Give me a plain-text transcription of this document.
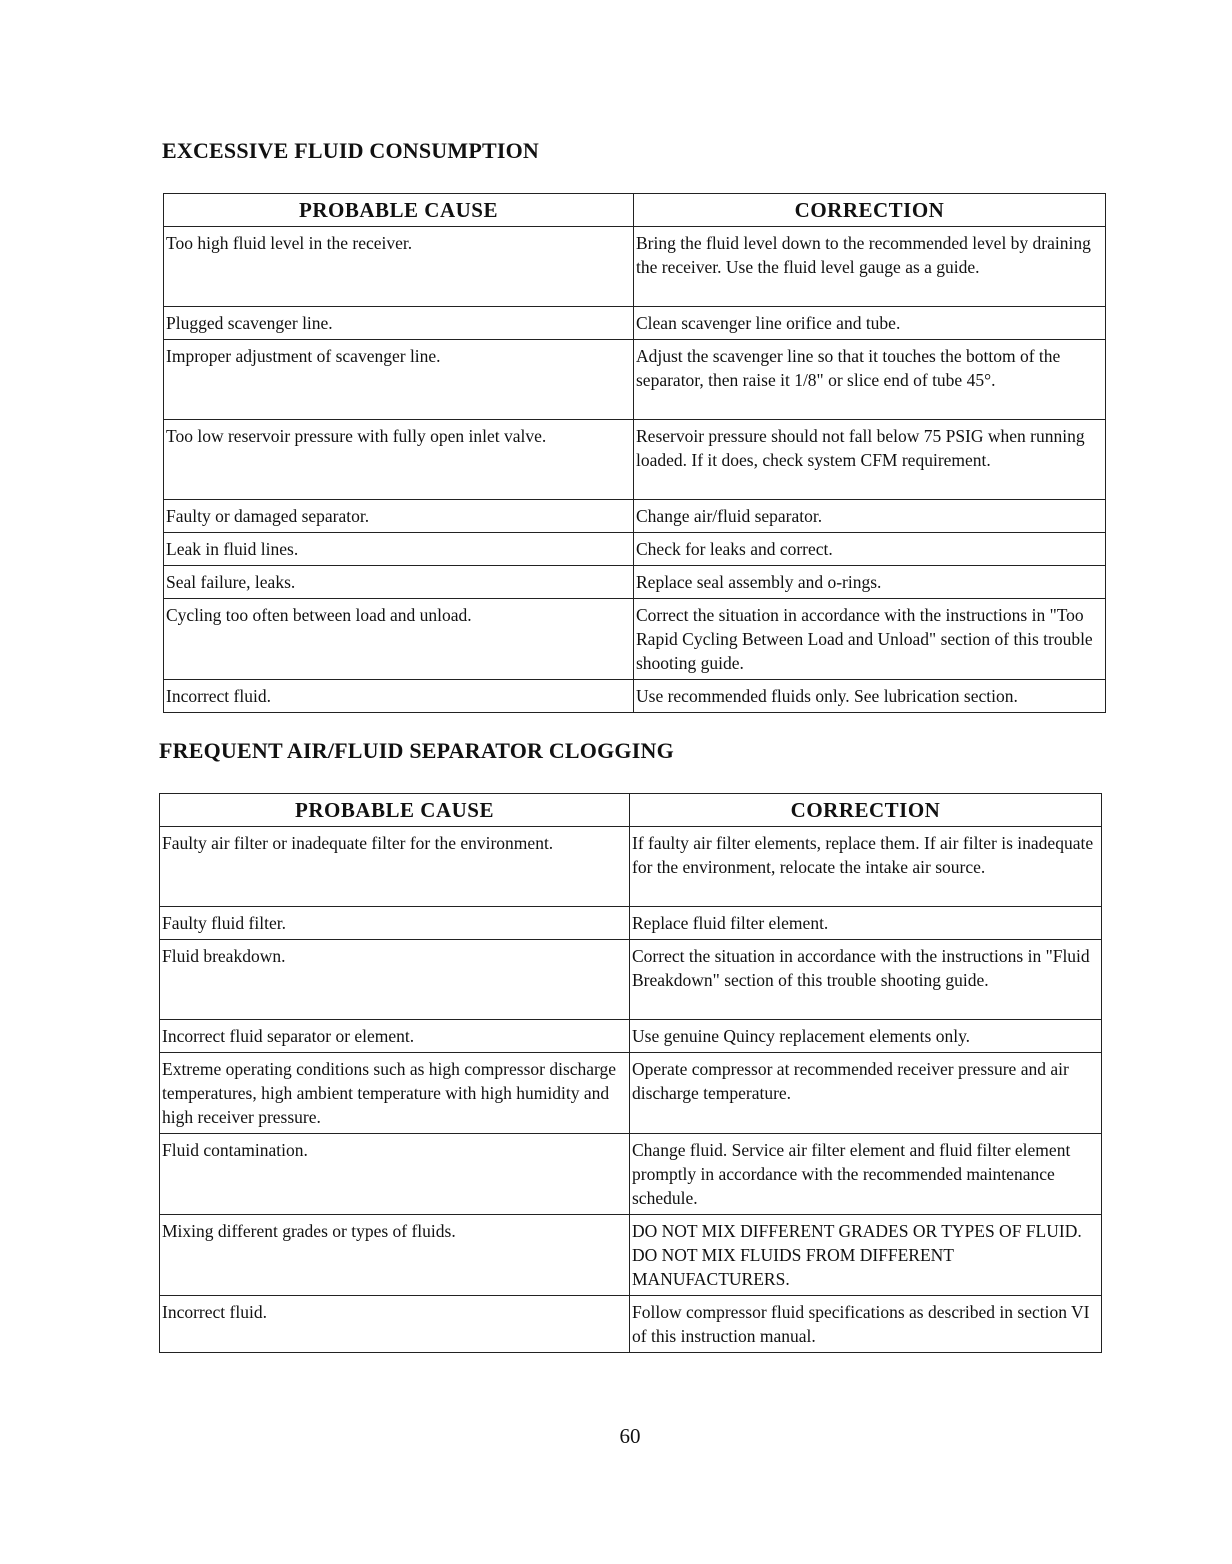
EXCESSIVE FLUID CONSUMPTION
PROBABLE CAUSE	CORRECTION
Too high fluid level in the receiver.	Bring the fluid level down to the recommended level by draining the receiver. Use the fluid level gauge as a guide.
Plugged scavenger line.	Clean scavenger line orifice and tube.
Improper adjustment of scavenger line.	Adjust the scavenger line so that it touches the bottom of the separator, then raise it 1/8" or slice end of tube 45°.
Too low reservoir pressure with fully open inlet valve.	Reservoir pressure should not fall below 75 PSIG when running loaded. If it does, check system CFM requirement.
Faulty or damaged separator.	Change air/fluid separator.
Leak in fluid lines.	Check for leaks and correct.
Seal failure, leaks.	Replace seal assembly and o-rings.
Cycling too often between load and unload.	Correct the situation in accordance with the instructions in "Too Rapid Cycling Between Load and Unload" section of this trouble shooting guide.
Incorrect fluid.	Use recommended fluids only. See lubrication section.
FREQUENT AIR/FLUID SEPARATOR CLOGGING
PROBABLE CAUSE	CORRECTION
Faulty air filter or inadequate filter for the environment.	If faulty air filter elements, replace them. If air filter is inadequate for the environment, relocate the intake air source.
Faulty fluid filter.	Replace fluid filter element.
Fluid breakdown.	Correct the situation in accordance with the instructions in "Fluid Breakdown" section of this trouble shooting guide.
Incorrect fluid separator or element.	Use genuine Quincy replacement elements only.
Extreme operating conditions such as high compressor discharge temperatures, high ambient temperature with high humidity and high receiver pressure.	Operate compressor at recommended receiver pressure and air discharge temperature.
Fluid contamination.	Change fluid. Service air filter element and fluid filter element promptly in accordance with the recommended maintenance schedule.
Mixing different grades or types of fluids.	DO NOT MIX DIFFERENT GRADES OR TYPES OF FLUID. DO NOT MIX FLUIDS FROM DIFFERENT MANUFACTURERS.
Incorrect fluid.	Follow compressor fluid specifications as described in section VI of this instruction manual.
60
